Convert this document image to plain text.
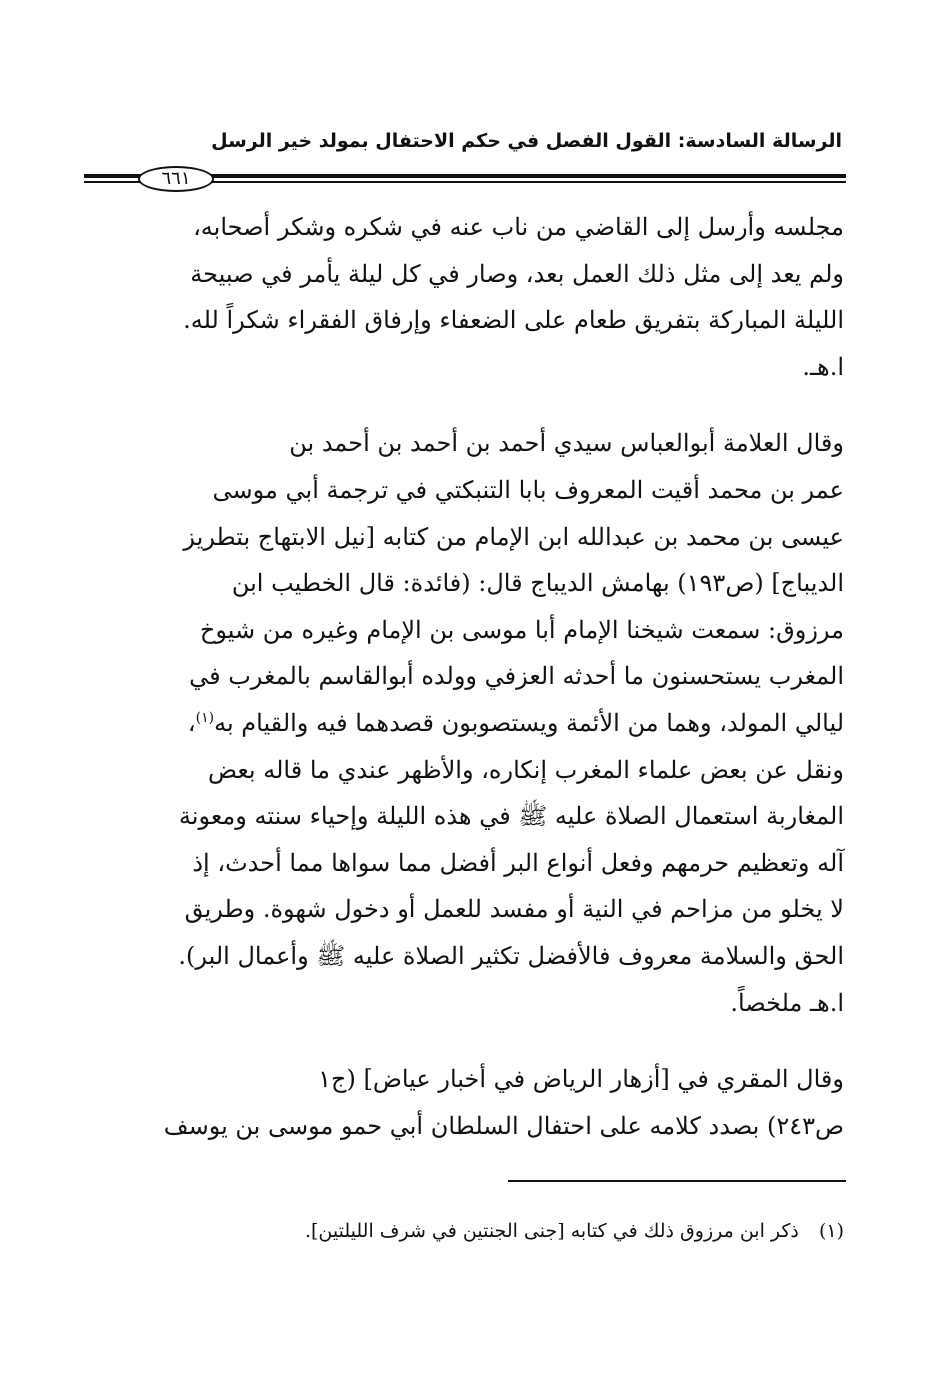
الرسالة السادسة: القول الفصل في حكم الاحتفال بمولد خير الرسل
٦٦١
مجلسه وأرسل إلى القاضي من ناب عنه في شكره وشكر أصحابه،
ولم يعد إلى مثل ذلك العمل بعد، وصار في كل ليلة يأمر في صبيحة
الليلة المباركة بتفريق طعام على الضعفاء وإرفاق الفقراء شكراً لله.
ا.هـ.
وقال العلامة أبوالعباس سيدي أحمد بن أحمد بن أحمد بن
عمر بن محمد أقيت المعروف بابا التنبكتي في ترجمة أبي موسى
عيسى بن محمد بن عبدالله ابن الإمام من كتابه [نيل الابتهاج بتطريز
الديباج] (ص١٩٣) بهامش الديباج قال: (فائدة: قال الخطيب ابن
مرزوق: سمعت شيخنا الإمام أبا موسى بن الإمام وغيره من شيوخ
المغرب يستحسنون ما أحدثه العزفي وولده أبوالقاسم بالمغرب في
ليالي المولد، وهما من الأئمة ويستصوبون قصدهما فيه والقيام به$^{(١)}$،
ونقل عن بعض علماء المغرب إنكاره، والأظهر عندي ما قاله بعض
المغاربة استعمال الصلاة عليه ﷺ في هذه الليلة وإحياء سنته ومعونة
آله وتعظيم حرمهم وفعل أنواع البر أفضل مما سواها مما أحدث، إذ
لا يخلو من مزاحم في النية أو مفسد للعمل أو دخول شهوة. وطريق
الحق والسلامة معروف فالأفضل تكثير الصلاة عليه ﷺ وأعمال البر).
ا.هـ ملخصاً.
وقال المقري في [أزهار الرياض في أخبار عياض] (ج١
ص٢٤٣) بصدد كلامه على احتفال السلطان أبي حمو موسى بن يوسف
(١) ذكر ابن مرزوق ذلك في كتابه [جنى الجنتين في شرف الليلتين].
